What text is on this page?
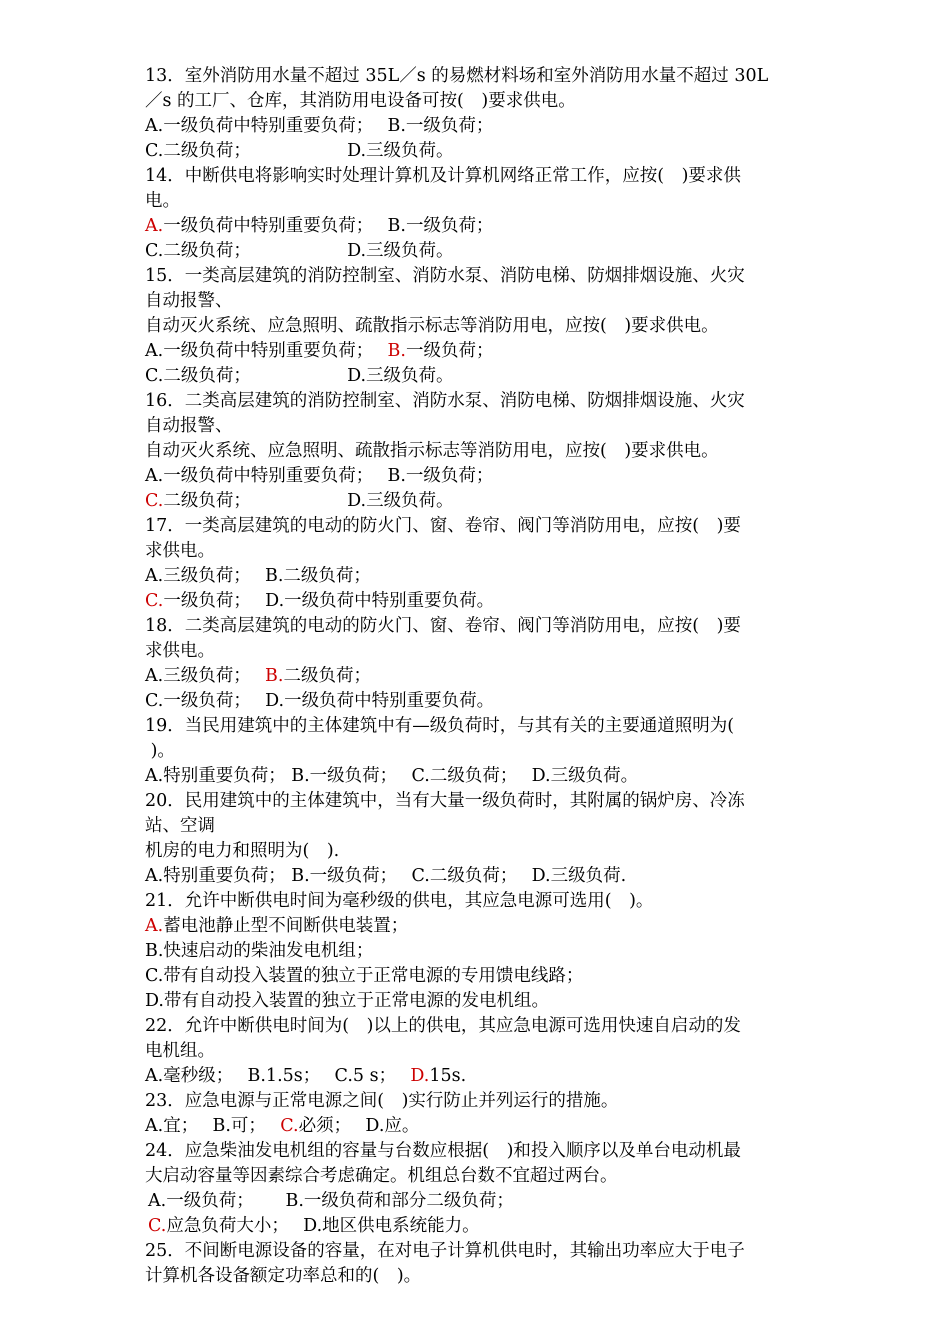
13．室外消防用水量不超过 35L／s 的易燃材料场和室外消防用水量不超过 30L
／s 的工厂、仓库，其消防用电设备可按(　)要求供电。
A.一级负荷中特别重要负荷；　 B.一级负荷；
C.二级负荷；　　　　　　D.三级负荷。
14．中断供电将影响实时处理计算机及计算机网络正常工作，应按(　)要求供
电。
A.一级负荷中特别重要负荷；　 B.一级负荷；
C.二级负荷；　　　　　　D.三级负荷。
15．一类高层建筑的消防控制室、消防水泵、消防电梯、防烟排烟设施、火灾
自动报警、
自动灭火系统、应急照明、疏散指示标志等消防用电，应按(　)要求供电。
A.一级负荷中特别重要负荷；　 B.一级负荷；
C.二级负荷；　　　　　　D.三级负荷。
16．二类高层建筑的消防控制室、消防水泵、消防电梯、防烟排烟设施、火灾
自动报警、
自动灭火系统、应急照明、疏散指示标志等消防用电，应按(　)要求供电。
A.一级负荷中特别重要负荷；　 B.一级负荷；
C.二级负荷；　　　　　　D.三级负荷。
17．一类高层建筑的电动的防火门、窗、卷帘、阀门等消防用电，应按(　)要
求供电。
A.三级负荷；　 B.二级负荷；
C.一级负荷；　 D.一级负荷中特别重要负荷。
18．二类高层建筑的电动的防火门、窗、卷帘、阀门等消防用电，应按(　)要
求供电。
A.三级负荷；　 B.二级负荷；
C.一级负荷；　 D.一级负荷中特别重要负荷。
19．当民用建筑中的主体建筑中有—级负荷时，与其有关的主要通道照明为(
)。
A.特别重要负荷； B.一级负荷；　 C.二级负荷；　 D.三级负荷。
20．民用建筑中的主体建筑中，当有大量一级负荷时，其附属的锅炉房、冷冻
站、空调
机房的电力和照明为(　).
A.特别重要负荷； B.一级负荷；　 C.二级负荷；　 D.三级负荷.
21．允许中断供电时间为毫秒级的供电，其应急电源可选用(　)。
A.蓄电池静止型不间断供电装置；
B.快速启动的柴油发电机组；
C.带有自动投入装置的独立于正常电源的专用馈电线路；
D.带有自动投入装置的独立于正常电源的发电机组。
22．允许中断供电时间为(　)以上的供电，其应急电源可选用快速自启动的发
电机组。
A.毫秒级；　 B.1.5s；　 C.5 s；　 D.15s.
23．应急电源与正常电源之间(　)实行防止并列运行的措施。
A.宜；　 B.可；　 C.必须；　 D.应。
24．应急柴油发电机组的容量与台数应根据(　)和投入顺序以及单台电动机最
大启动容量等因素综合考虑确定。机组总台数不宜超过两台。
A.一级负荷；　　 B.一级负荷和部分二级负荷；
C.应急负荷大小；　 D.地区供电系统能力。
25．不间断电源设备的容量，在对电子计算机供电时，其输出功率应大于电子
计算机各设备额定功率总和的(　)。
